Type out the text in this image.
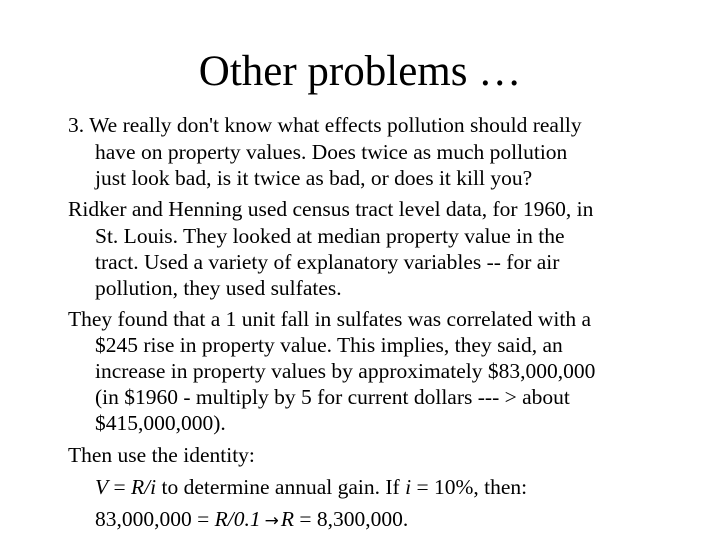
Other problems …
3. We really don't know what effects pollution should really
have on property values. Does twice as much pollution
just look bad, is it twice as bad, or does it kill you?
Ridker and Henning used census tract level data, for 1960, in
St. Louis. They looked at median property value in the
tract. Used a variety of explanatory variables -- for air
pollution, they used sulfates.
They found that a 1 unit fall in sulfates was correlated with a
$245 rise in property value. This implies, they said, an
increase in property values by approximately $83,000,000
(in $1960 - multiply by 5 for current dollars --- > about
$415,000,000).
Then use the identity:
V = R/i to determine annual gain. If i = 10%, then:
83,000,000 = R/0.1 →R = 8,300,000.
